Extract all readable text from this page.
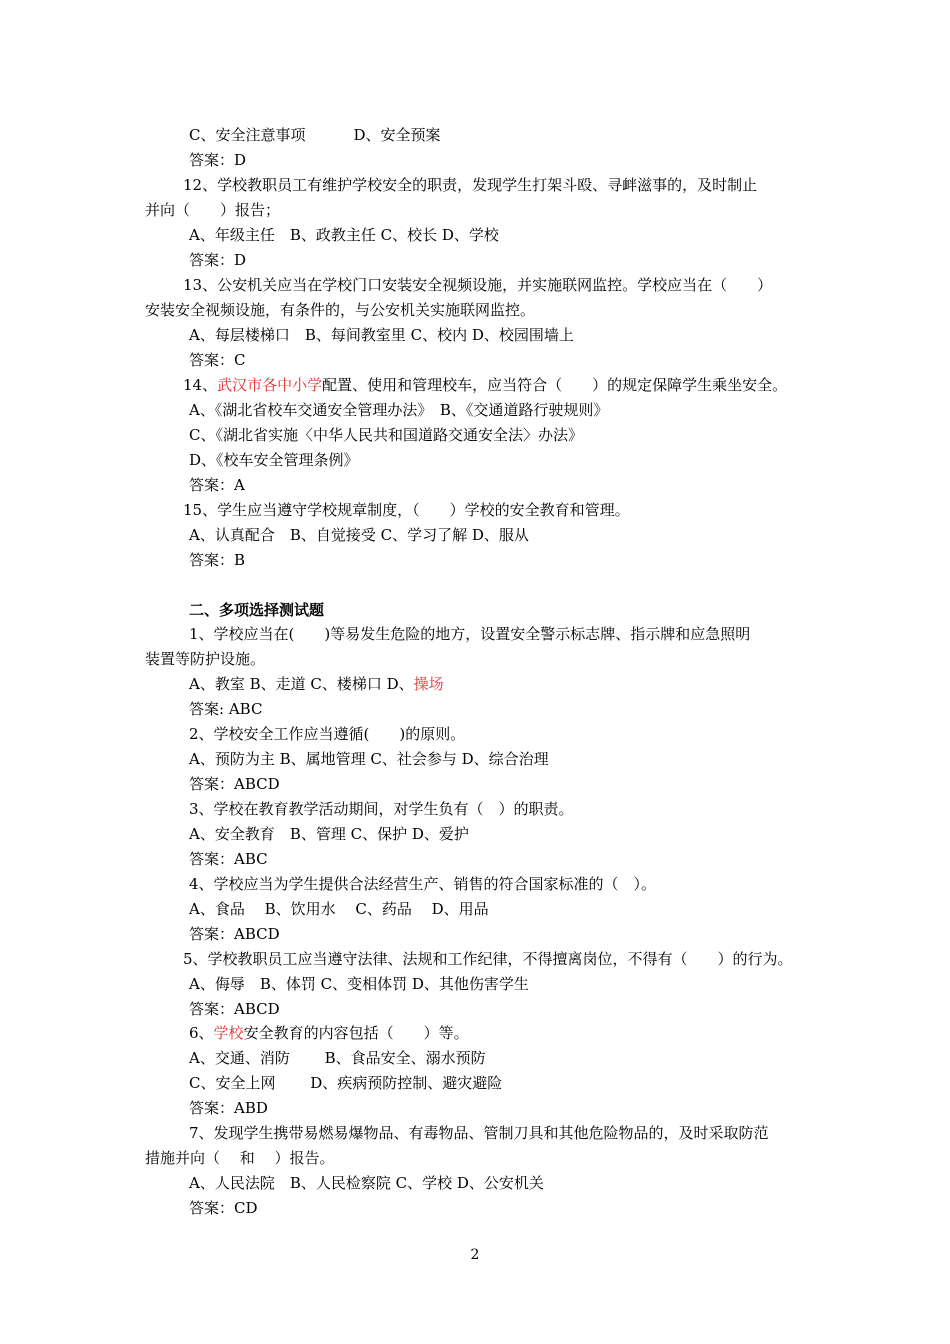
C、安全注意事项	D、安全预案
答案：D
12、学校教职员工有维护学校安全的职责，发现学生打架斗殴、寻衅滋事的，及时制止
并向（　　）报告；
A、年级主任　B、政教主任 C、校长 D、学校
答案：D
13、公安机关应当在学校门口安装安全视频设施，并实施联网监控。学校应当在（　　）
安装安全视频设施，有条件的，与公安机关实施联网监控。
A、每层楼梯口　B、每间教室里 C、校内 D、校园围墙上
答案：C
14、武汉市各中小学配置、使用和管理校车，应当符合（　　）的规定保障学生乘坐安全。
A、《湖北省校车交通安全管理办法》　B、《交通道路行驶规则》
C、《湖北省实施〈中华人民共和国道路交通安全法〉办法》
D、《校车安全管理条例》
答案：A
15、学生应当遵守学校规章制度，（　　）学校的安全教育和管理。
A、认真配合　B、自觉接受 C、学习了解 D、服从
答案：B
二、多项选择测试题
1、学校应当在(　　)等易发生危险的地方，设置安全警示标志牌、指示牌和应急照明
装置等防护设施。
A、教室 B、走道 C、楼梯口 D、操场
答案: ABC
2、学校安全工作应当遵循(　　)的原则。
A、预防为主 B、属地管理 C、社会参与 D、综合治理
答案：ABCD
3、学校在教育教学活动期间，对学生负有（　）的职责。
A、安全教育　B、管理 C、保护 D、爱护
答案：ABC
4、学校应当为学生提供合法经营生产、销售的符合国家标准的（　）。
A、食品　 B、饮用水　 C、药品　 D、用品
答案：ABCD
5、学校教职员工应当遵守法律、法规和工作纪律，不得擅离岗位，不得有（　　）的行为。
A、侮辱　B、体罚 C、变相体罚 D、其他伤害学生
答案：ABCD
6、学校安全教育的内容包括（　　）等。
A、交通、消防　　 B、食品安全、溺水预防
C、安全上网　　 D、疾病预防控制、避灾避险
答案：ABD
7、发现学生携带易燃易爆物品、有毒物品、管制刀具和其他危险物品的，及时采取防范
措施并向（　 和　 ）报告。
A、人民法院　B、人民检察院 C、学校 D、公安机关
答案：CD
2
